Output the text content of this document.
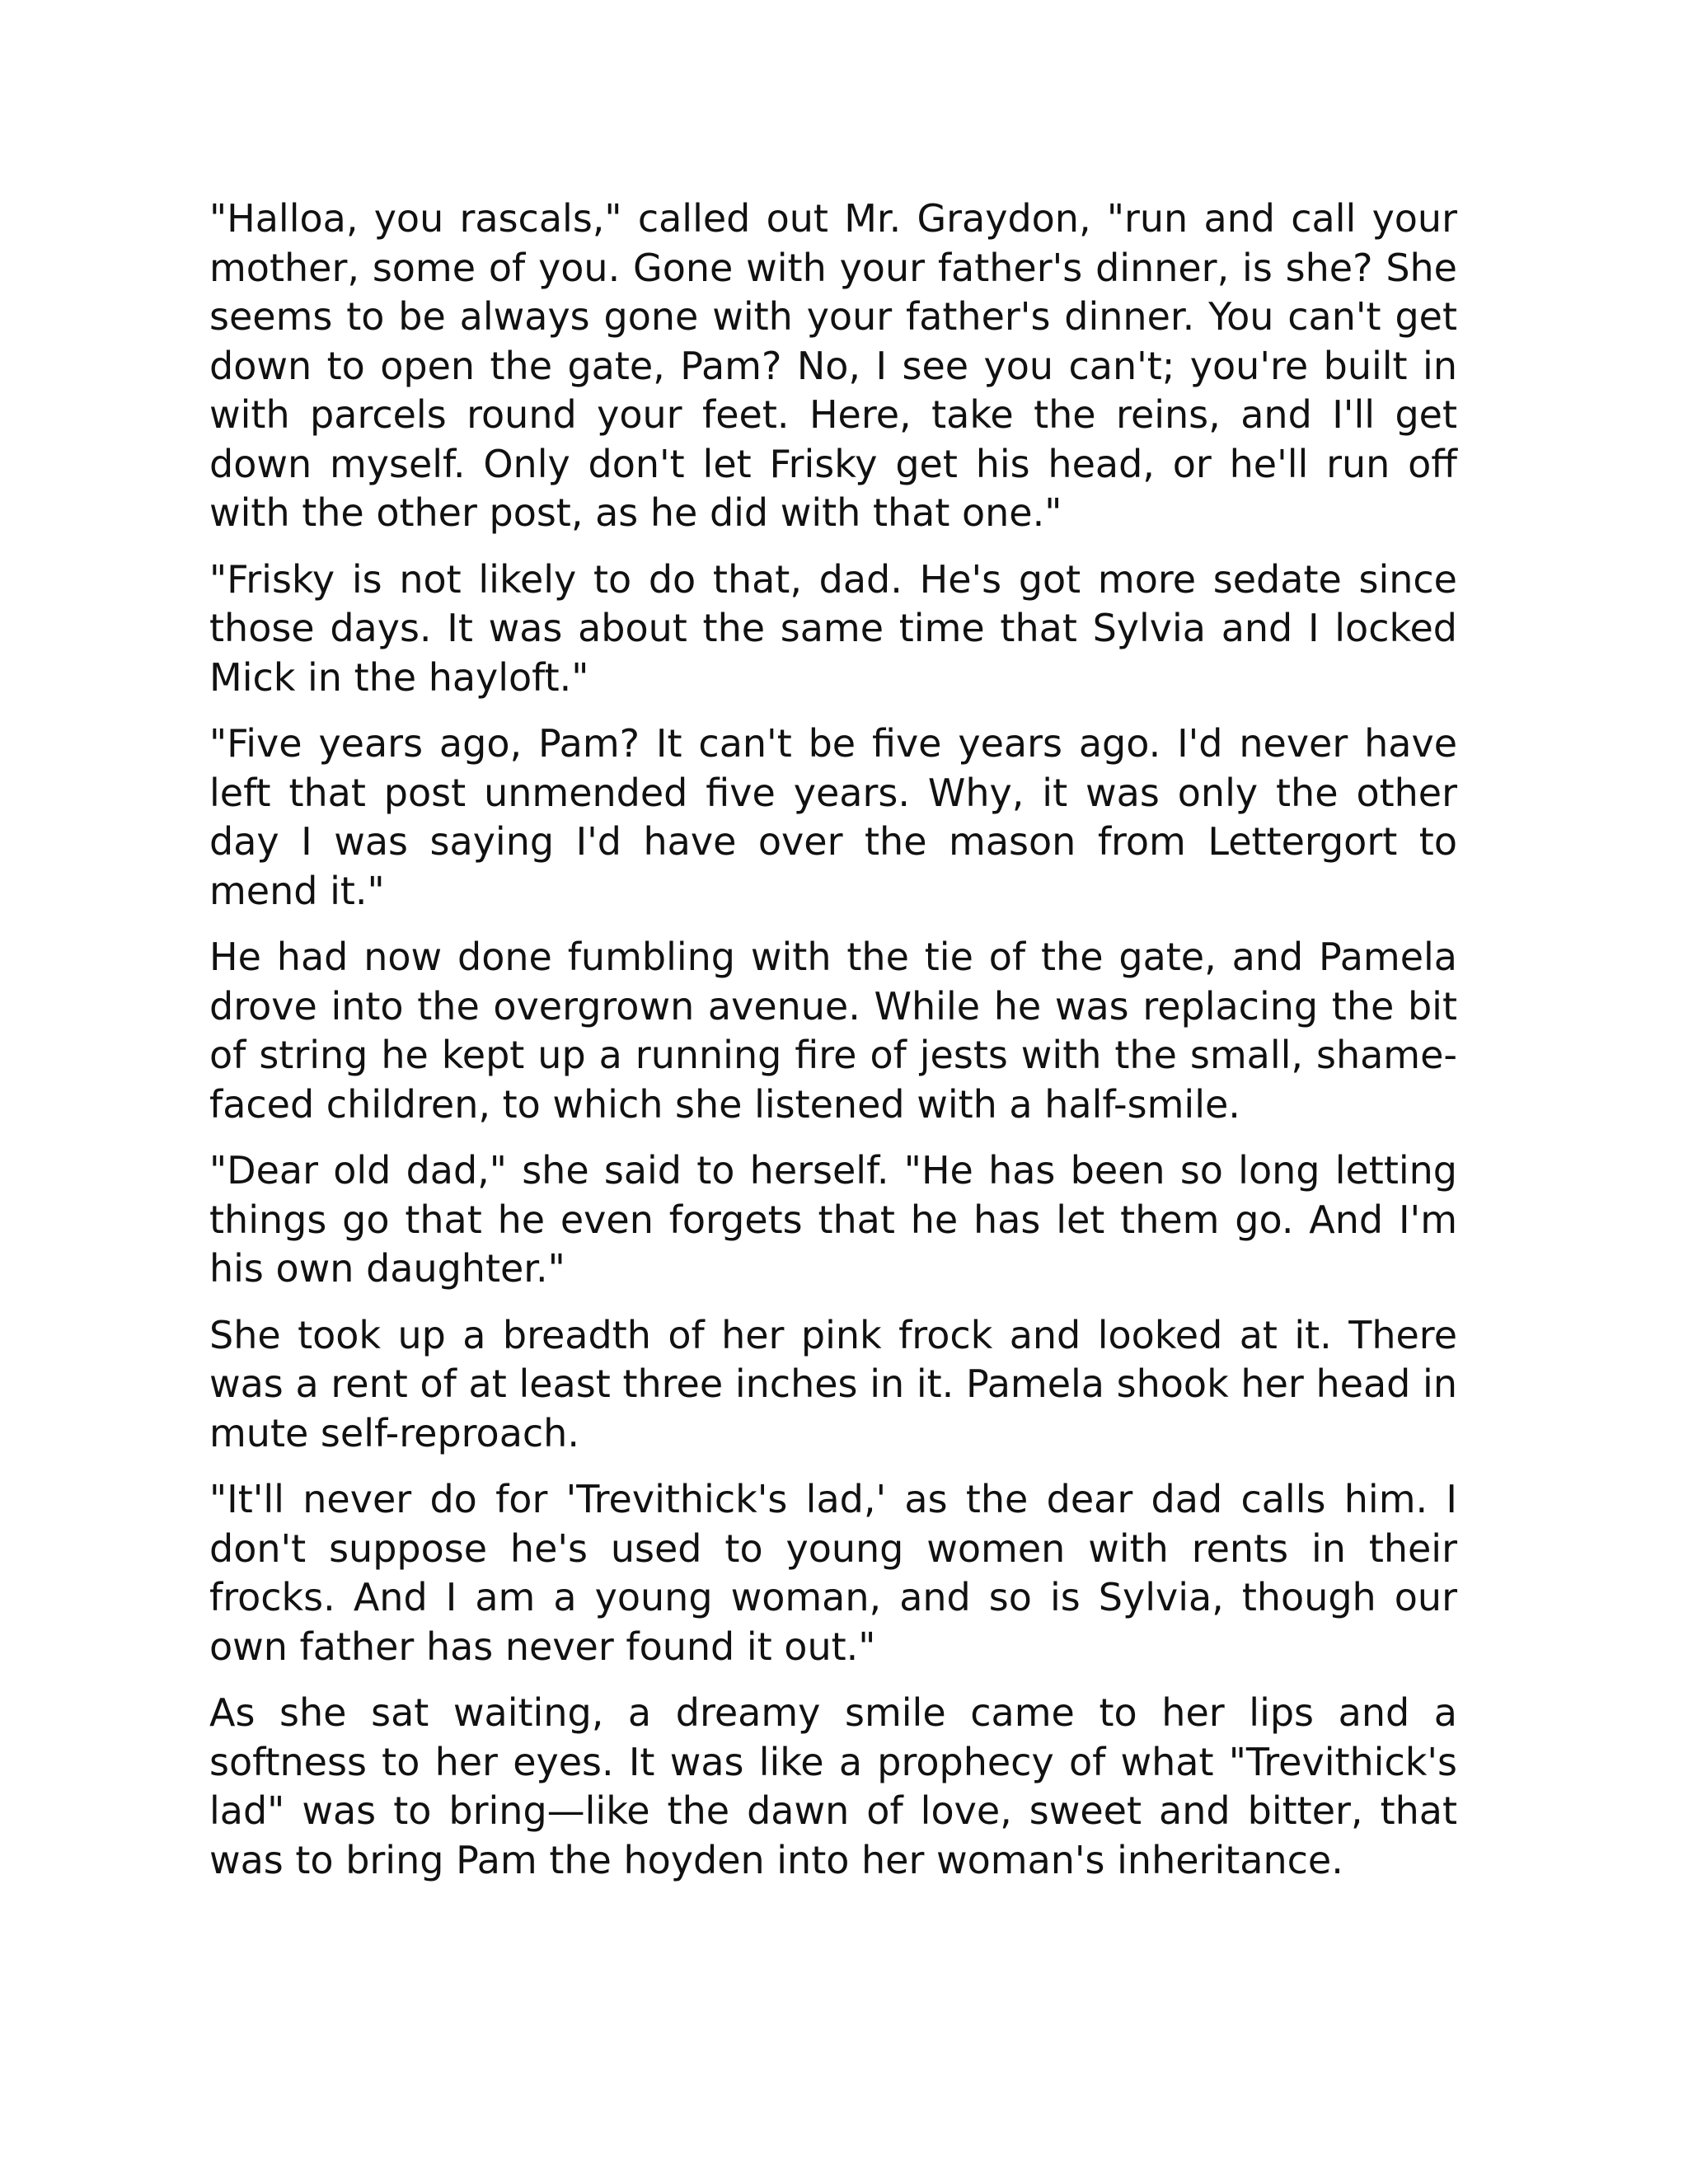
"Halloa, you rascals," called out Mr. Graydon, "run and call your mother, some of you. Gone with your father's dinner, is she? She seems to be always gone with your father's dinner. You can't get down to open the gate, Pam? No, I see you can't; you're built in with parcels round your feet. Here, take the reins, and I'll get down myself. Only don't let Frisky get his head, or he'll run off with the other post, as he did with that one."

"Frisky is not likely to do that, dad. He's got more sedate since those days. It was about the same time that Sylvia and I locked Mick in the hayloft."

"Five years ago, Pam? It can't be five years ago. I'd never have left that post unmended five years. Why, it was only the other day I was saying I'd have over the mason from Lettergort to mend it."

He had now done fumbling with the tie of the gate, and Pamela drove into the overgrown avenue. While he was replacing the bit of string he kept up a running fire of jests with the small, shame-faced children, to which she listened with a half-smile.

"Dear old dad," she said to herself. "He has been so long letting things go that he even forgets that he has let them go. And I'm his own daughter."

She took up a breadth of her pink frock and looked at it. There was a rent of at least three inches in it. Pamela shook her head in mute self-reproach.

"It'll never do for 'Trevithick's lad,' as the dear dad calls him. I don't suppose he's used to young women with rents in their frocks. And I am a young woman, and so is Sylvia, though our own father has never found it out."

As she sat waiting, a dreamy smile came to her lips and a softness to her eyes. It was like a prophecy of what "Trevithick's lad" was to bring—like the dawn of love, sweet and bitter, that was to bring Pam the hoyden into her woman's inheritance.
